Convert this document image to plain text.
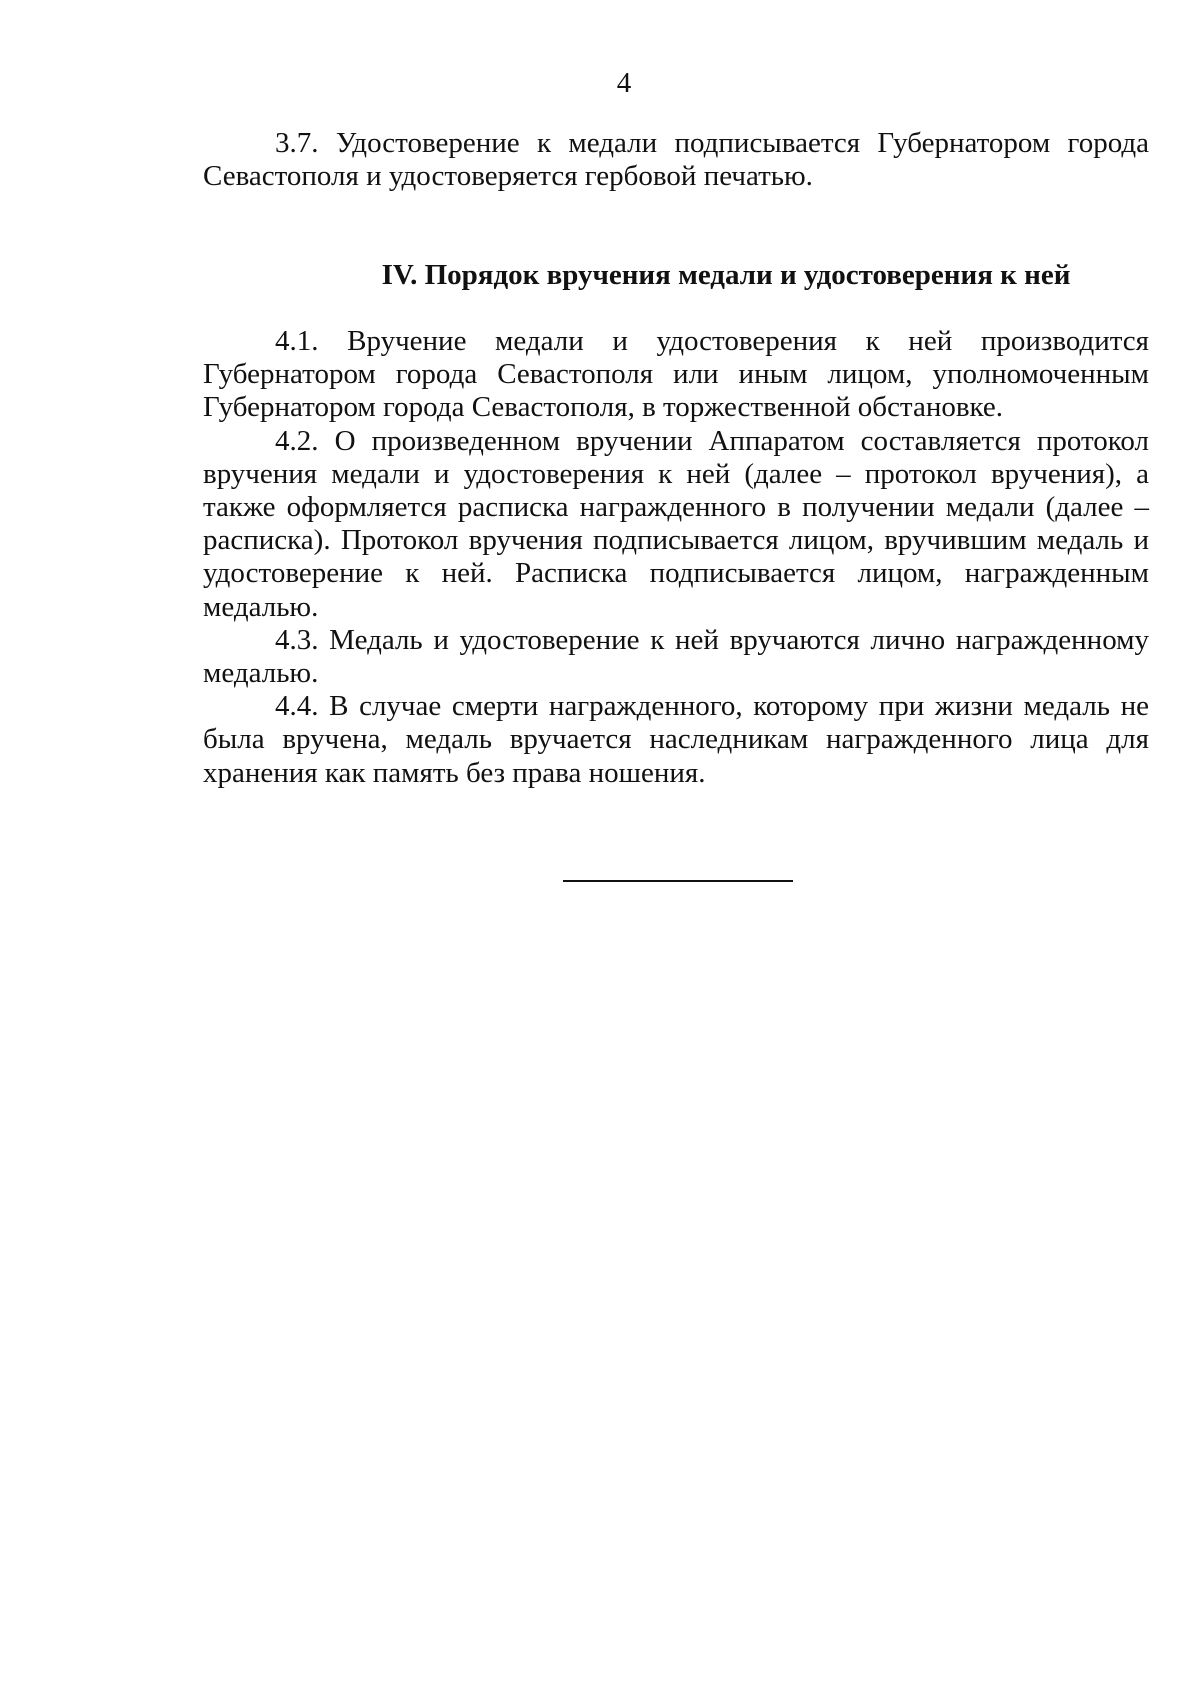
4

3.7. Удостоверение к медали подписывается Губернатором города Севастополя и удостоверяется гербовой печатью.

IV. Порядок вручения медали и удостоверения к ней

4.1. Вручение медали и удостоверения к ней производится Губернатором города Севастополя или иным лицом, уполномоченным Губернатором города Севастополя, в торжественной обстановке.

4.2. О произведенном вручении Аппаратом составляется протокол вручения медали и удостоверения к ней (далее – протокол вручения), а также оформляется расписка награжденного в получении медали (далее – расписка). Протокол вручения подписывается лицом, вручившим медаль и удостоверение к ней. Расписка подписывается лицом, награжденным медалью.

4.3. Медаль и удостоверение к ней вручаются лично награжденному медалью.

4.4. В случае смерти награжденного, которому при жизни медаль не была вручена, медаль вручается наследникам награжденного лица для хранения как память без права ношения.
